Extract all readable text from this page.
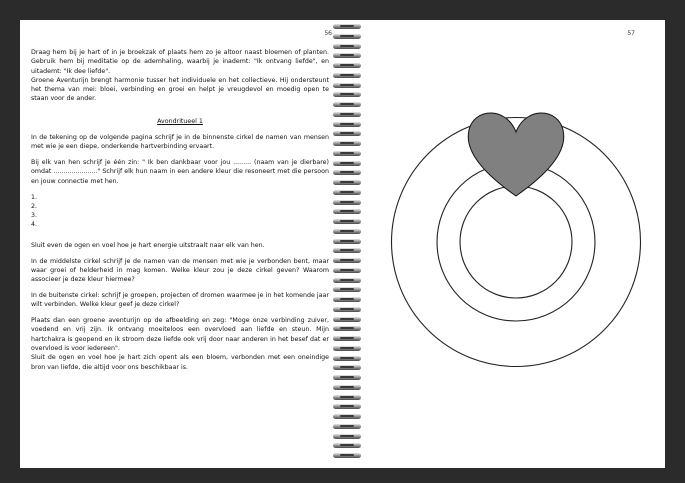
56

Draag hem bij je hart of in je broekzak of plaats hem zo je altoor naast bloemen of planten. Gebruik hem bij meditatie op de ademhaling, waarbij je inademt: "Ik ontvang liefde", en uitademt: "Ik dee liefde".

Groene Aventurijn brengt harmonie tusser het individuele en het collectieve. Hij ondersteunt het thema van mei: bloei, verbinding en groei en helpt je vreugdevol en moedig open te staan voor de ander.

Avondritueel 1

In de tekening op de volgende pagina schrijf je in de binnenste cirkel de namen van mensen met wie je een diepe, onderkende hartverbinding ervaart.

Bij elk van hen schrijf je één zin: " Ik ben dankbaar voor jou ......... (naam van je dierbare) omdat ......................" Schrijf elk hun naam in een andere kleur die resoneert met die persoon en jouw connectie met hen.

1.
2.
3.
4.

Sluit even de ogen en voel hoe je hart energie uitstraalt naar elk van hen.

In de middelste cirkel schrijf je de namen van de mensen met wie je verbonden bent, maar waar groei of helderheid in mag komen. Welke kleur zou je deze cirkel geven? Waarom associeer je deze kleur hiermee?

In de buitenste cirkel: schrijf je groepen, projecten of dromen waarmee je in het komende jaar wilt verbinden. Welke kleur geef je deze cirkel?

Plaats dan een groene aventurijn op de afbeelding en zeg: "Moge onze verbinding zuiver, voedend en vrij zijn. Ik ontvang moeiteloos een overvloed aan liefde en steun. Mijn hartchakra is geopend en ik stroom deze liefde ook vrij door naar anderen in het besef dat er overvloed is voor iedereen".

Sluit de ogen en voel hoe je hart zich opent als een bloem, verbonden met een oneindige bron van liefde, die altijd voor ons beschikbaar is.

57
